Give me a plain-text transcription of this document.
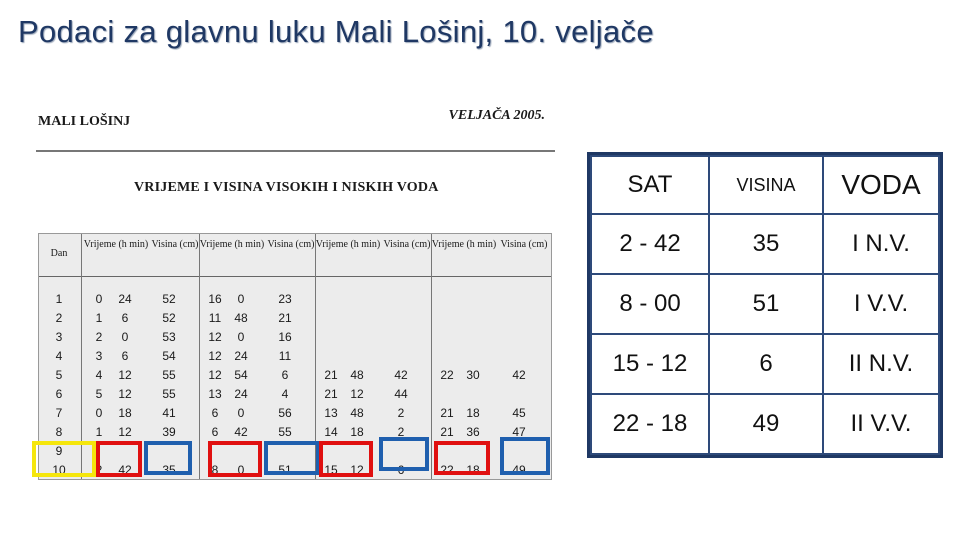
Podaci za glavnu luku Mali Lošinj, 10. veljače
MALI LOŠINJ	VELJAČA 2005.
VRIJEME I VISINA VISOKIH I NISKIH VODA
Dan
Vrijeme (h min) Visina (cm) Vrijeme (h min) Visina (cm) Vrijeme (h min) Visina (cm) Vrijeme (h min) Visina (cm)
1	0	24	52	16	0	23
2	1	6	52	11	48	21
3	2	0	53	12	0	16
4	3	6	54	12	24	11
5	4	12	55	12	54	6	21	48	42	22	30	42
6	5	12	55	13	24	4	21	12	44
7	0	18	41	6	0	56	13	48	2	21	18	45
8	1	12	39	6	42	55	14	18	2	21	36	47
9
10	2	42	35	8	0	51	15	12	6	22	18	49
SAT	VISINA	VODA
2 - 42	35	I N.V.
8 - 00	51	I V.V.
15 - 12	6	II N.V.
22 - 18	49	II V.V.
